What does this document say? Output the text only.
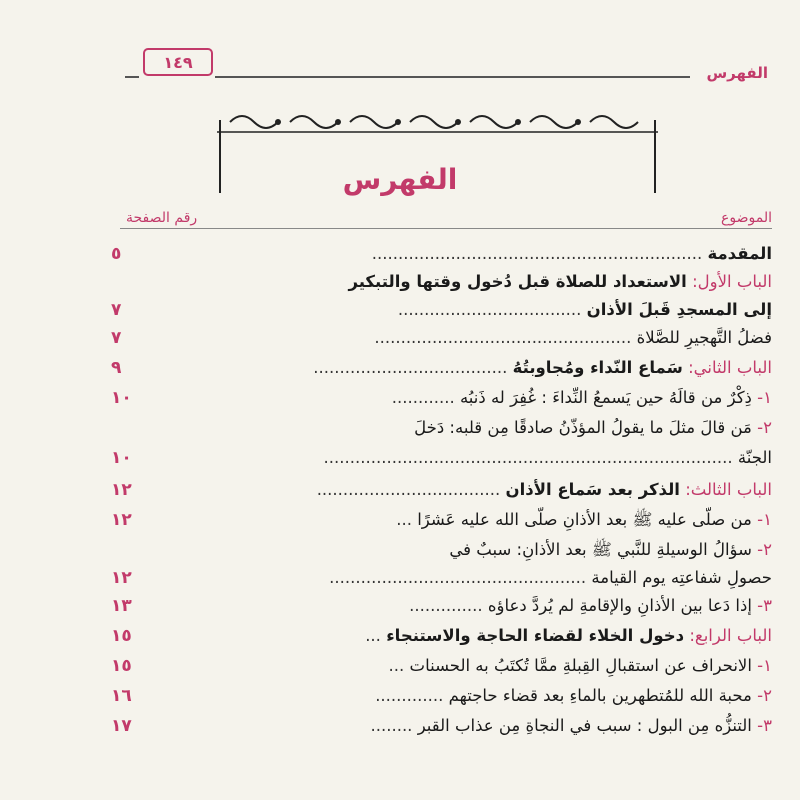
الفهرس
١٤٩
الفهرس
الموضوع
رقم الصفحة
المقدمة ...............................................................
٥
الباب الأول: الاستعداد للصلاة قبل دُخول وقتها والتبكير
إلى المسجدِ قَبلَ الأذان ...................................
٧
فضلُ التَّهجيرِ للصَّلاة .................................................
٧
الباب الثاني: سَماع النّداء ومُجاوبتُهُ .....................................
٩
١- ذِكْرٌ من قالَهُ حين يَسمعُ النِّداءَ : غُفِرَ له ذَنبُه ............
١٠
٢- مَن قالَ مثلَ ما يقولُ المؤذّنُ صادقًا مِن قلبه: دَخلَ
الجنّة ..............................................................................
١٠
الباب الثالث: الذكر بعد سَماع الأذان ...................................
١٢
١- من صلّى عليه ﷺ بعد الأذانِ صلّى الله عليه عَشرًا ...
١٢
٢- سؤالُ الوسيلةِ للنَّبي ﷺ بعد الأذانِ: سببٌ في
حصولِ شفاعتِه يوم القيامة .................................................
١٢
٣- إذا دَعا بين الأذانِ والإقامةِ لم يُردَّ دعاؤه ..............
١٣
الباب الرابع: دخول الخلاء لقضاء الحاجة والاستنجاء ...
١٥
١- الانحراف عن استقبالِ القِبلةِ ممَّا تُكتَبُ به الحسنات ...
١٥
٢- محبة الله للمُتطهرين بالماءِ بعد قضاء حاجتهم .............
١٦
٣- التنزُّه مِن البول : سبب في النجاةِ مِن عذاب القبر ........
١٧
